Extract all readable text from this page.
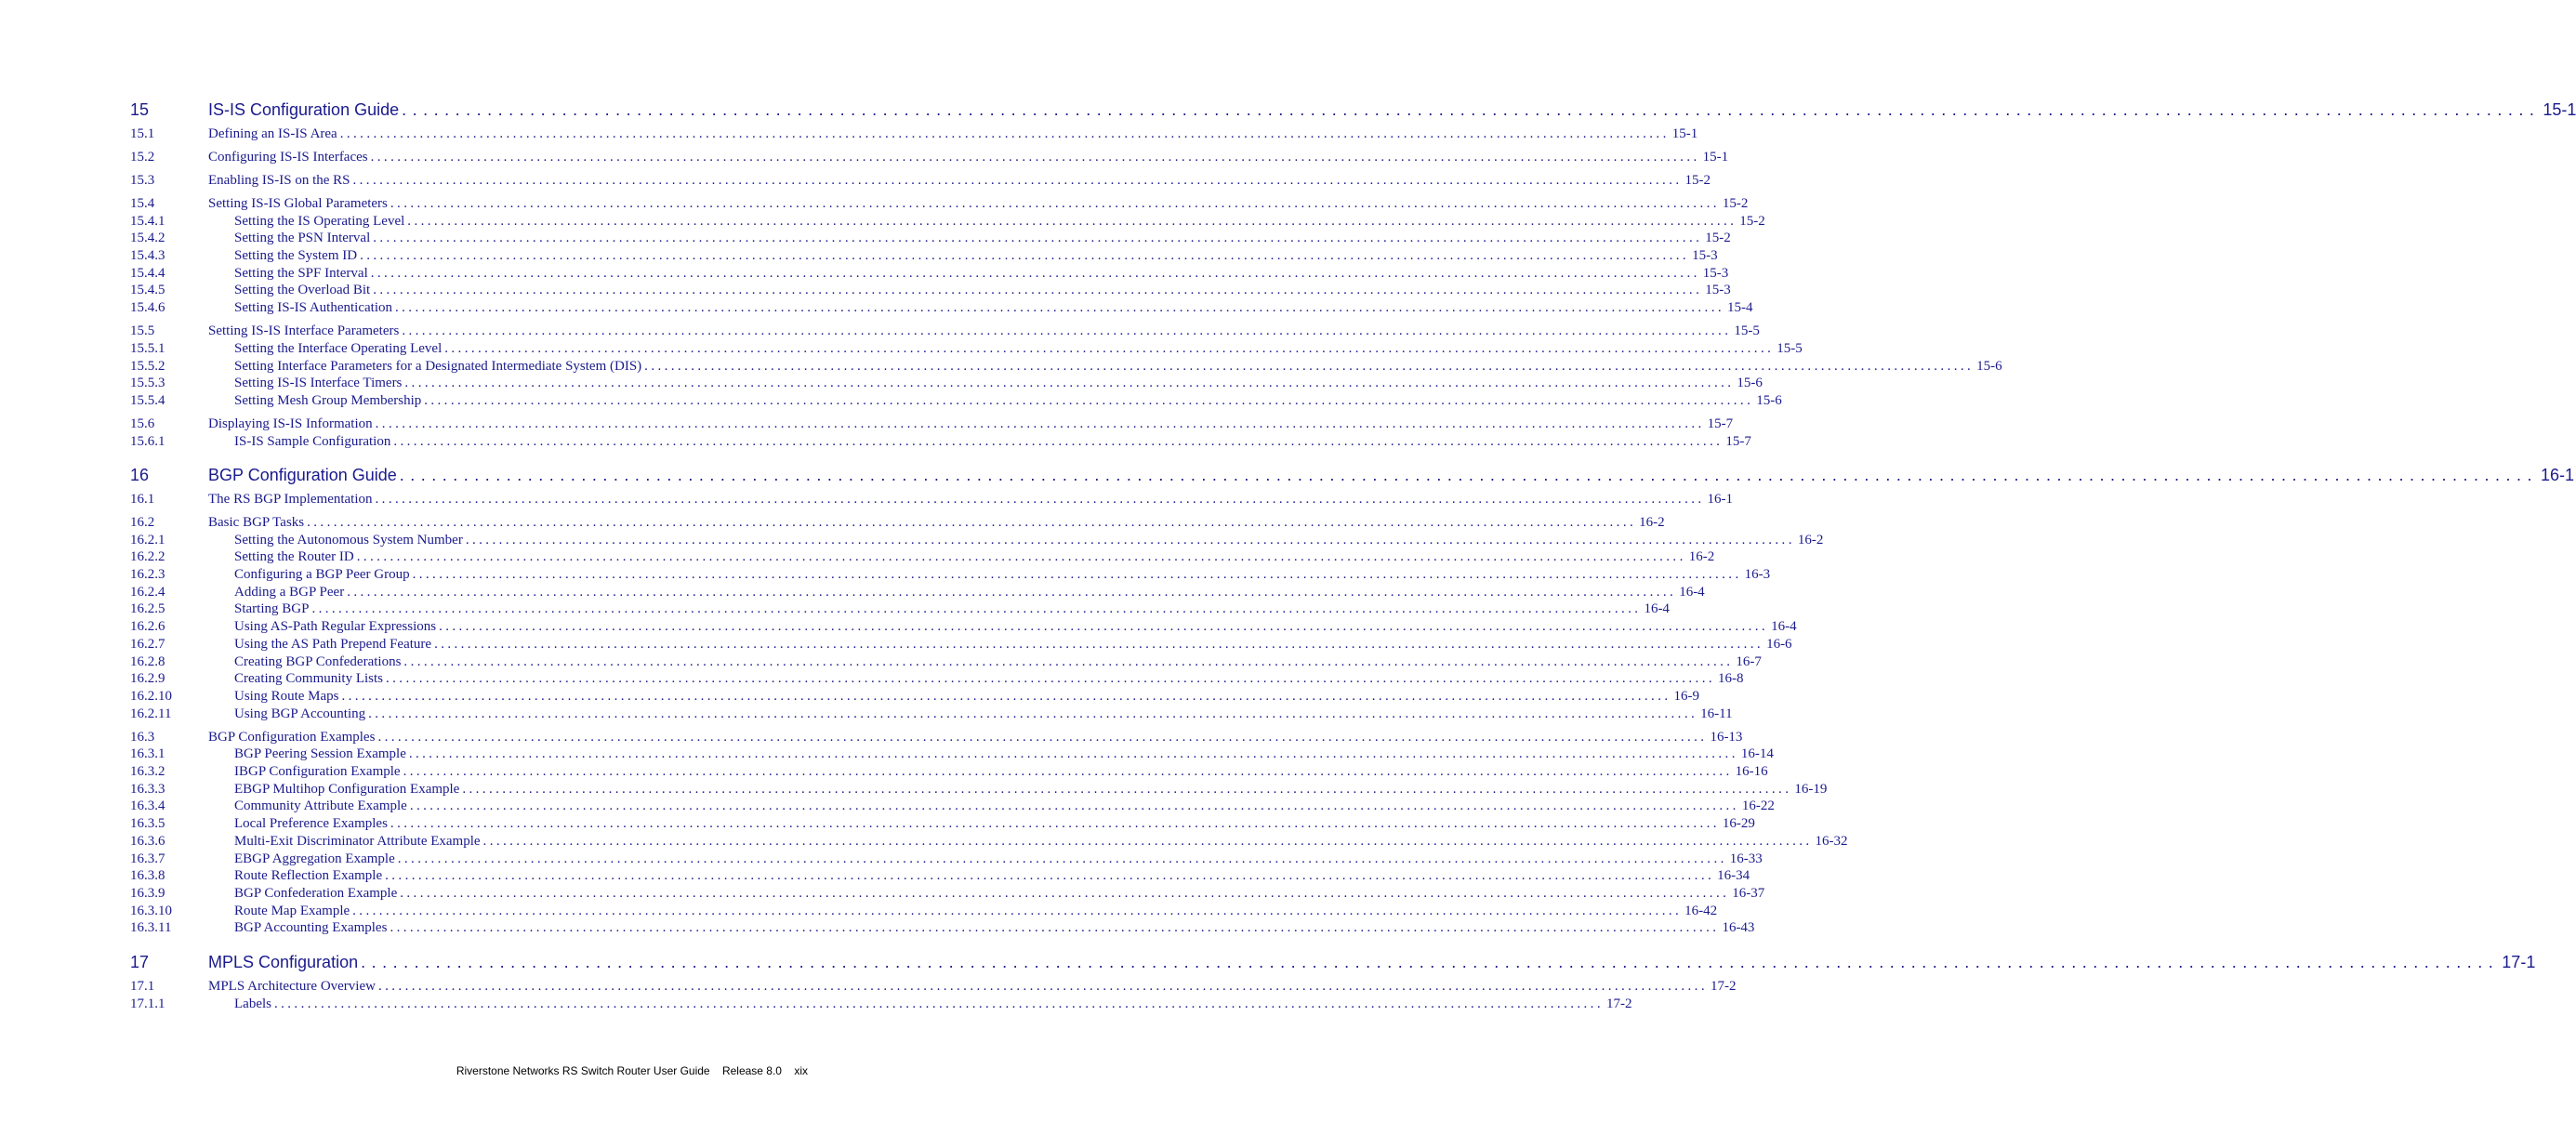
15	IS-IS Configuration Guide ........................................................................................................................................................................................................ 15-1
15.1	Defining an IS-IS Area ........................................................................................................................................................................................................ 15-1
15.2	Configuring IS-IS Interfaces ........................................................................................................................................................................................................ 15-1
15.3	Enabling IS-IS on the RS ........................................................................................................................................................................................................ 15-2
15.4	Setting IS-IS Global Parameters ........................................................................................................................................................................................................ 15-2
15.4.1	Setting the IS Operating Level ........................................................................................................................................................................................................ 15-2
15.4.2	Setting the PSN Interval ........................................................................................................................................................................................................ 15-2
15.4.3	Setting the System ID ........................................................................................................................................................................................................ 15-3
15.4.4	Setting the SPF Interval ........................................................................................................................................................................................................ 15-3
15.4.5	Setting the Overload Bit ........................................................................................................................................................................................................ 15-3
15.4.6	Setting IS-IS Authentication ........................................................................................................................................................................................................ 15-4
15.5	Setting IS-IS Interface Parameters ........................................................................................................................................................................................................ 15-5
15.5.1	Setting the Interface Operating Level ........................................................................................................................................................................................................ 15-5
15.5.2	Setting Interface Parameters for a Designated Intermediate System (DIS) ........................................................................................................................................................................................................ 15-6
15.5.3	Setting IS-IS Interface Timers ........................................................................................................................................................................................................ 15-6
15.5.4	Setting Mesh Group Membership ........................................................................................................................................................................................................ 15-6
15.6	Displaying IS-IS Information ........................................................................................................................................................................................................ 15-7
15.6.1	IS-IS Sample Configuration ........................................................................................................................................................................................................ 15-7
16	BGP Configuration Guide ........................................................................................................................................................................................................ 16-1
16.1	The RS BGP Implementation ........................................................................................................................................................................................................ 16-1
16.2	Basic BGP Tasks ........................................................................................................................................................................................................ 16-2
16.2.1	Setting the Autonomous System Number ........................................................................................................................................................................................................ 16-2
16.2.2	Setting the Router ID ........................................................................................................................................................................................................ 16-2
16.2.3	Configuring a BGP Peer Group ........................................................................................................................................................................................................ 16-3
16.2.4	Adding a BGP Peer ........................................................................................................................................................................................................ 16-4
16.2.5	Starting BGP ........................................................................................................................................................................................................ 16-4
16.2.6	Using AS-Path Regular Expressions ........................................................................................................................................................................................................ 16-4
16.2.7	Using the AS Path Prepend Feature ........................................................................................................................................................................................................ 16-6
16.2.8	Creating BGP Confederations ........................................................................................................................................................................................................ 16-7
16.2.9	Creating Community Lists ........................................................................................................................................................................................................ 16-8
16.2.10	Using Route Maps ........................................................................................................................................................................................................ 16-9
16.2.11	Using BGP Accounting ........................................................................................................................................................................................................ 16-11
16.3	BGP Configuration Examples ........................................................................................................................................................................................................ 16-13
16.3.1	BGP Peering Session Example ........................................................................................................................................................................................................ 16-14
16.3.2	IBGP Configuration Example ........................................................................................................................................................................................................ 16-16
16.3.3	EBGP Multihop Configuration Example ........................................................................................................................................................................................................ 16-19
16.3.4	Community Attribute Example ........................................................................................................................................................................................................ 16-22
16.3.5	Local Preference Examples ........................................................................................................................................................................................................ 16-29
16.3.6	Multi-Exit Discriminator Attribute Example ........................................................................................................................................................................................................ 16-32
16.3.7	EBGP Aggregation Example ........................................................................................................................................................................................................ 16-33
16.3.8	Route Reflection Example ........................................................................................................................................................................................................ 16-34
16.3.9	BGP Confederation Example ........................................................................................................................................................................................................ 16-37
16.3.10	Route Map Example ........................................................................................................................................................................................................ 16-42
16.3.11	BGP Accounting Examples ........................................................................................................................................................................................................ 16-43
17	MPLS Configuration ........................................................................................................................................................................................................ 17-1
17.1	MPLS Architecture Overview ........................................................................................................................................................................................................ 17-2
17.1.1	Labels ........................................................................................................................................................................................................ 17-2
Riverstone Networks RS Switch Router User Guide Release 8.0 xix
